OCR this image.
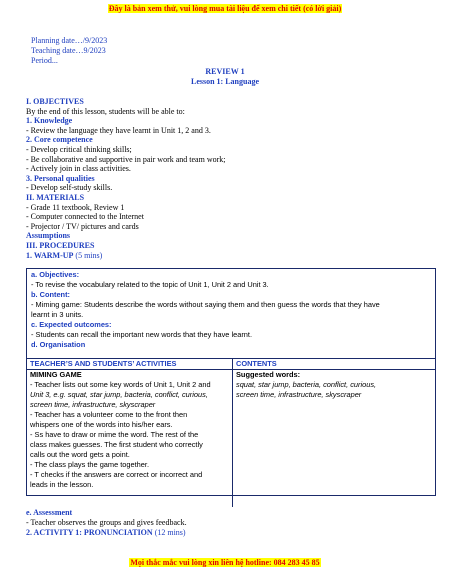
Đây là bản xem thử, vui lòng mua tài liệu để xem chi tiết (có lời giải)
Planning date…/9/2023
Teaching date…9/2023
Period...
REVIEW 1
Lesson 1: Language
I. OBJECTIVES
By the end of this lesson, students will be able to:
1. Knowledge
- Review the language they have learnt in Unit 1, 2 and 3.
2. Core competence
- Develop critical thinking skills;
- Be collaborative and supportive in pair work and team work;
- Actively join in class activities.
3. Personal qualities
- Develop self-study skills.
II. MATERIALS
- Grade 11 textbook, Review 1
- Computer connected to the Internet
- Projector / TV/ pictures and cards
Assumptions
III. PROCEDURES
1. WARM-UP (5 mins)
a. Objectives:
- To revise the vocabulary related to the topic of Unit 1, Unit 2 and Unit 3.
b. Content:
- Miming game: Students describe the words without saying them and then guess the words that they have
learnt in 3 units.
c. Expected outcomes:
- Students can recall the important new words that they have learnt.
d. Organisation
TEACHER’S AND STUDENTS’ ACTIVITIES	CONTENTS
MIMING GAME
- Teacher lists out some key words of Unit 1, Unit 2 and
Unit 3, e.g. squat, star jump, bacteria, conflict, curious,
screen time, infrastructure, skyscraper
- Teacher has a volunteer come to the front then
whispers one of the words into his/her ears.
- Ss have to draw or mime the word. The rest of the
class makes guesses. The first student who correctly
calls out the word gets a point.
- The class plays the game together.
- T checks if the answers are correct or incorrect and
leads in the lesson.
Suggested words:
squat, star jump, bacteria, conflict, curious,
screen time, infrastructure, skyscraper
e. Assessment
- Teacher observes the groups and gives feedback.
2. ACTIVITY 1: PRONUNCIATION (12 mins)
Mọi thắc mắc vui lòng xin liên hệ hotline: 084 283 45 85
